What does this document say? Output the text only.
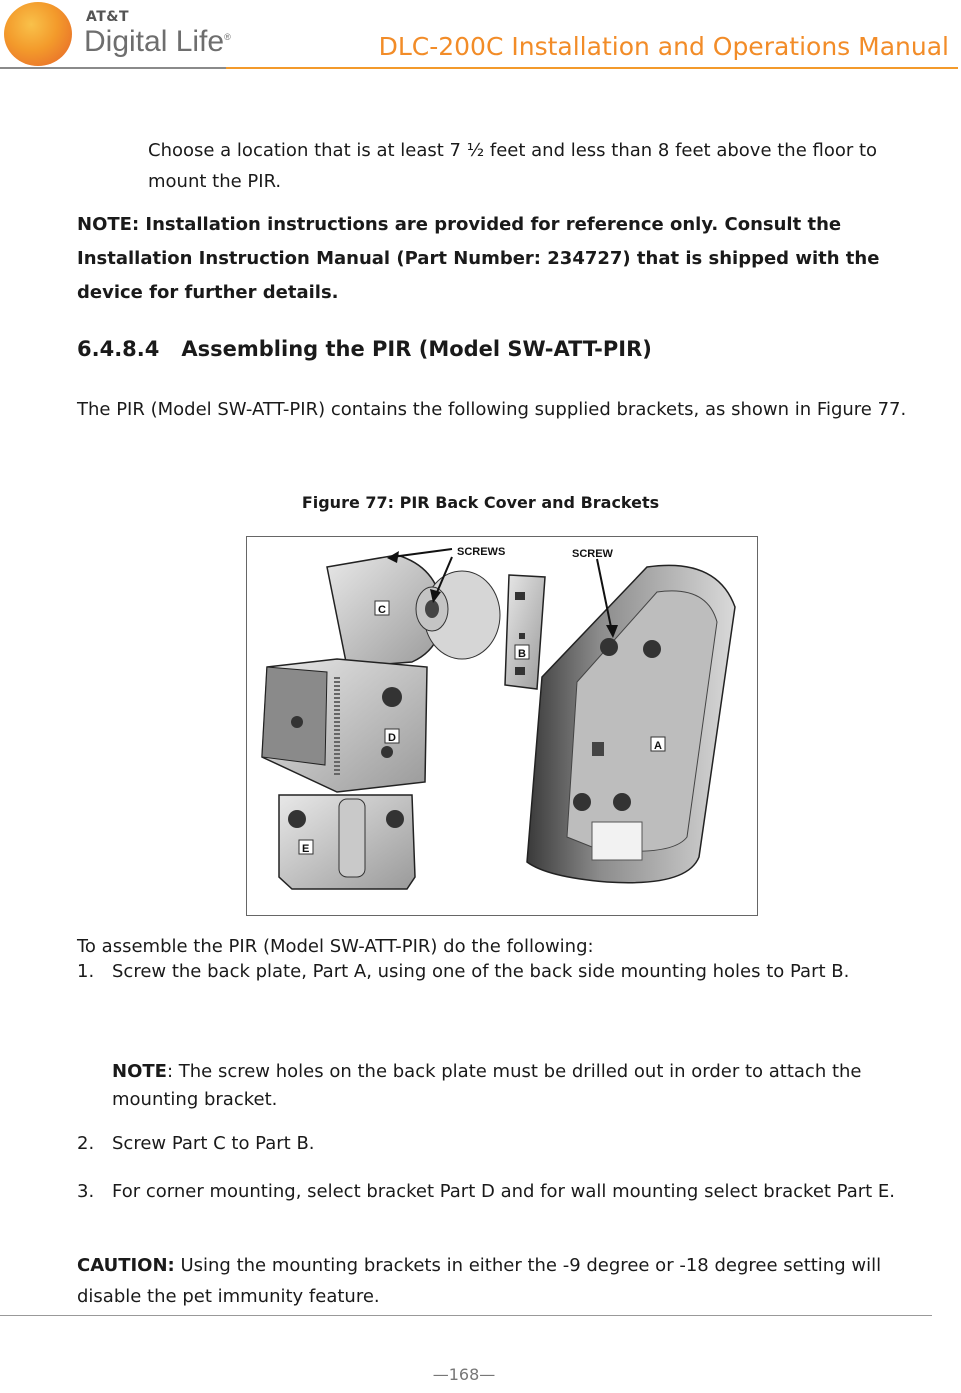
AT&T
Digital Life®	DLC-200C Installation and Operations Manual

Choose a location that is at least 7 ½ feet and less than 8 feet above the floor to mount the PIR.

NOTE: Installation instructions are provided for reference only. Consult the Installation Instruction Manual (Part Number: 234727) that is shipped with the device for further details.

6.4.8.4 Assembling the PIR (Model SW-ATT-PIR)

The PIR (Model SW-ATT-PIR) contains the following supplied brackets, as shown in Figure 77.

Figure 77: PIR Back Cover and Brackets
SCREWS	SCREW
A
B
C
D
E

To assemble the PIR (Model SW-ATT-PIR) do the following:

1. Screw the back plate, Part A, using one of the back side mounting holes to Part B.
NOTE: The screw holes on the back plate must be drilled out in order to attach the mounting bracket.
2. Screw Part C to Part B.
3. For corner mounting, select bracket Part D and for wall mounting select bracket Part E.
CAUTION: Using the mounting brackets in either the -9 degree or -18 degree setting will disable the pet immunity feature.
—168—
